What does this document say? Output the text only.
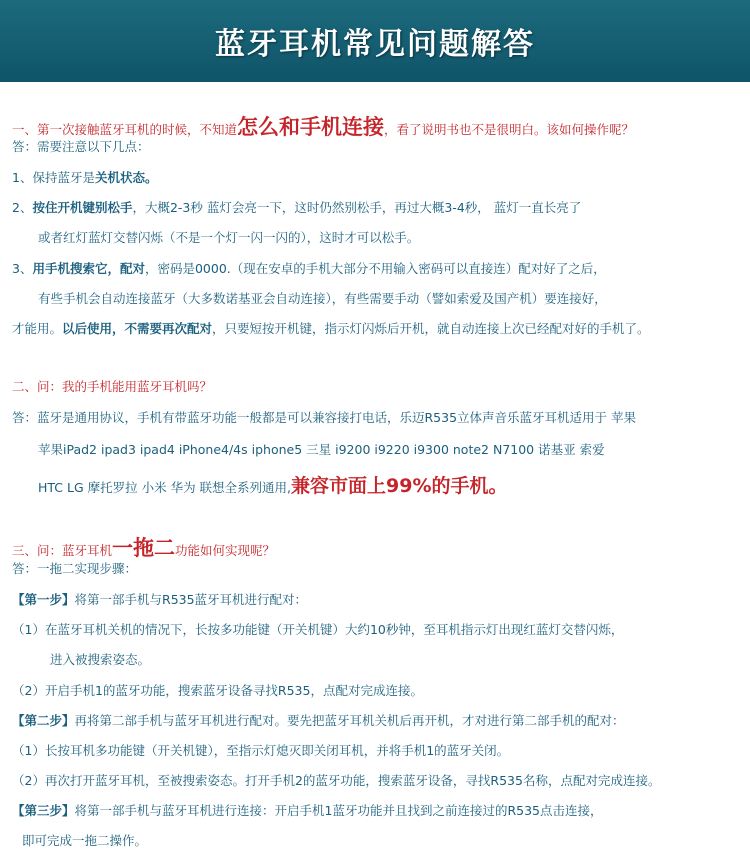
蓝牙耳机常见问题解答
一、第一次接触蓝牙耳机的时候，不知道怎么和手机连接，看了说明书也不是很明白。该如何操作呢？
答：需要注意以下几点：
1、保持蓝牙是关机状态。
2、按住开机键别松手，大概2-3秒 蓝灯会亮一下，这时仍然别松手，再过大概3-4秒， 蓝灯一直长亮了
或者红灯蓝灯交替闪烁（不是一个灯一闪一闪的），这时才可以松手。
3、用手机搜索它，配对，密码是0000.（现在安卓的手机大部分不用输入密码可以直接连）配对好了之后，
有些手机会自动连接蓝牙（大多数诺基亚会自动连接），有些需要手动（譬如索爱及国产机）要连接好，
才能用。以后使用，不需要再次配对，只要短按开机键，指示灯闪烁后开机，就自动连接上次已经配对好的手机了。
二、问：我的手机能用蓝牙耳机吗？
答：蓝牙是通用协议，手机有带蓝牙功能一般都是可以兼容接打电话，乐迈R535立体声音乐蓝牙耳机适用于 苹果
苹果iPad2 ipad3 ipad4 iPhone4/4s iphone5 三星 i9200 i9220 i9300 note2 N7100 诺基亚 索爱
HTC LG 摩托罗拉 小米 华为 联想全系列通用,兼容市面上99%的手机。
三、问：蓝牙耳机一拖二功能如何实现呢？
答：一拖二实现步骤：
【第一步】将第一部手机与R535蓝牙耳机进行配对：
（1）在蓝牙耳机关机的情况下，长按多功能键（开关机键）大约10秒钟，至耳机指示灯出现红蓝灯交替闪烁，
进入被搜索姿态。
（2）开启手机1的蓝牙功能，搜索蓝牙设备寻找R535，点配对完成连接。
【第二步】再将第二部手机与蓝牙耳机进行配对。要先把蓝牙耳机关机后再开机，才对进行第二部手机的配对：
（1）长按耳机多功能键（开关机键），至指示灯熄灭即关闭耳机，并将手机1的蓝牙关闭。
（2）再次打开蓝牙耳机，至被搜索姿态。打开手机2的蓝牙功能，搜索蓝牙设备，寻找R535名称，点配对完成连接。
【第三步】将第一部手机与蓝牙耳机进行连接：开启手机1蓝牙功能并且找到之前连接过的R535点击连接，
即可完成一拖二操作。
